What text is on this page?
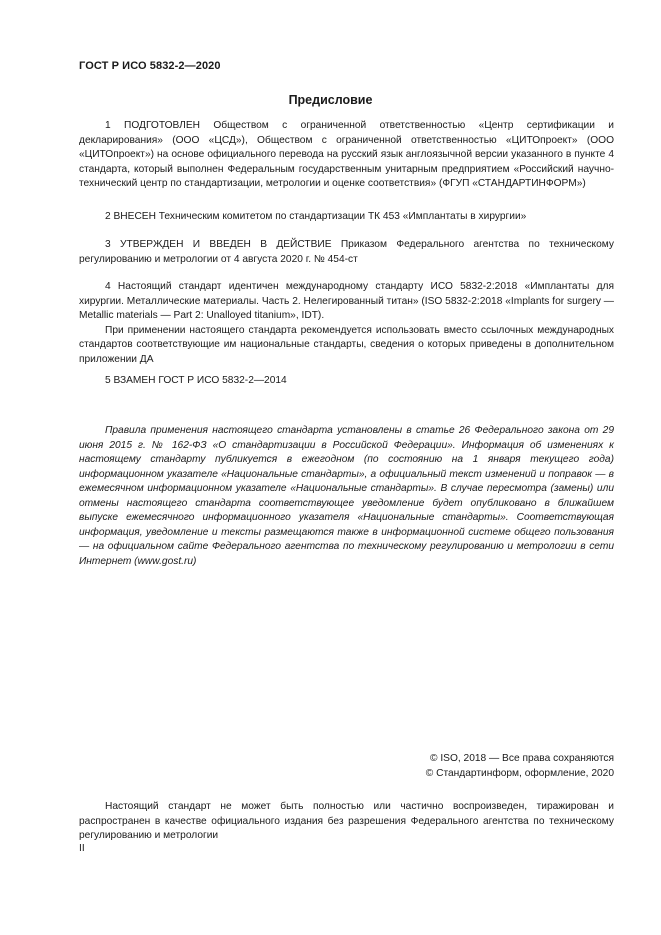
ГОСТ Р ИСО 5832-2—2020
Предисловие

1 ПОДГОТОВЛЕН Обществом с ограниченной ответственностью «Центр сертификации и декларирования» (ООО «ЦСД»), Обществом с ограниченной ответственностью «ЦИТОпроект» (ООО «ЦИТОпроект») на основе официального перевода на русский язык англоязычной версии указанного в пункте 4 стандарта, который выполнен Федеральным государственным унитарным предприятием «Российский научно-технический центр по стандартизации, метрологии и оценке соответствия» (ФГУП «СТАНДАРТИНФОРМ»)

2 ВНЕСЕН Техническим комитетом по стандартизации ТК 453 «Имплантаты в хирургии»

3 УТВЕРЖДЕН И ВВЕДЕН В ДЕЙСТВИЕ Приказом Федерального агентства по техническому регулированию и метрологии от 4 августа 2020 г. № 454-ст

4 Настоящий стандарт идентичен международному стандарту ИСО 5832-2:2018 «Имплантаты для хирургии. Металлические материалы. Часть 2. Нелегированный титан» (ISO 5832-2:2018 «Implants for surgery — Metallic materials — Part 2: Unalloyed titanium», IDT).

При применении настоящего стандарта рекомендуется использовать вместо ссылочных международных стандартов соответствующие им национальные стандарты, сведения о которых приведены в дополнительном приложении ДА

5 ВЗАМЕН ГОСТ Р ИСО 5832-2—2014

Правила применения настоящего стандарта установлены в статье 26 Федерального закона от 29 июня 2015 г. № 162-ФЗ «О стандартизации в Российской Федерации». Информация об изменениях к настоящему стандарту публикуется в ежегодном (по состоянию на 1 января текущего года) информационном указателе «Национальные стандарты», а официальный текст изменений и поправок — в ежемесячном информационном указателе «Национальные стандарты». В случае пересмотра (замены) или отмены настоящего стандарта соответствующее уведомление будет опубликовано в ближайшем выпуске ежемесячного информационного указателя «Национальные стандарты». Соответствующая информация, уведомление и тексты размещаются также в информационной системе общего пользования — на официальном сайте Федерального агентства по техническому регулированию и метрологии в сети Интернет (www.gost.ru)

© ISO, 2018 — Все права сохраняются
© Стандартинформ, оформление, 2020

Настоящий стандарт не может быть полностью или частично воспроизведен, тиражирован и распространен в качестве официального издания без разрешения Федерального агентства по техническому регулированию и метрологии

II
